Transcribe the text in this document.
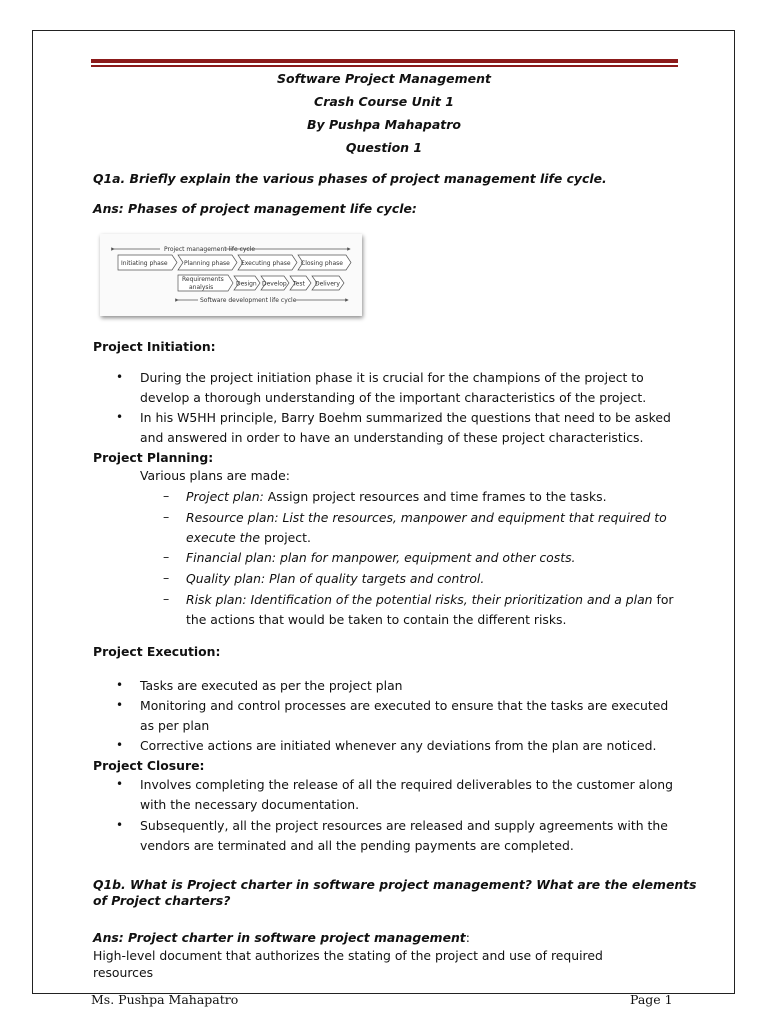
Software Project Management
Crash Course Unit 1
By Pushpa Mahapatro
Question 1
Q1a. Briefly explain the various phases of project management life cycle.
Ans: Phases of project management life cycle:
Project management life cycle
Initiating phase	Planning phase Executing phase Closing phase
Requirements
analysis	Design Develop Test Delivery
Software development life cycle
Project Initiation:
• During the project initiation phase it is crucial for the champions of the project to
develop a thorough understanding of the important characteristics of the project.
• In his W5HH principle, Barry Boehm summarized the questions that need to be asked
and answered in order to have an understanding of these project characteristics.
Project Planning:
Various plans are made:
– Project plan: Assign project resources and time frames to the tasks.
– Resource plan: List the resources, manpower and equipment that required to
execute the project.
– Financial plan: plan for manpower, equipment and other costs.
– Quality plan: Plan of quality targets and control.
– Risk plan: Identification of the potential risks, their prioritization and a plan for
the actions that would be taken to contain the different risks.
Project Execution:
• Tasks are executed as per the project plan
• Monitoring and control processes are executed to ensure that the tasks are executed
as per plan
• Corrective actions are initiated whenever any deviations from the plan are noticed.
Project Closure:
• Involves completing the release of all the required deliverables to the customer along
with the necessary documentation.
• Subsequently, all the project resources are released and supply agreements with the
vendors are terminated and all the pending payments are completed.
Q1b. What is Project charter in software project management? What are the elements
of Project charters?
Ans: Project charter in software project management:
High-level document that authorizes the stating of the project and use of required
resources
Ms. Pushpa Mahapatro	Page 1
